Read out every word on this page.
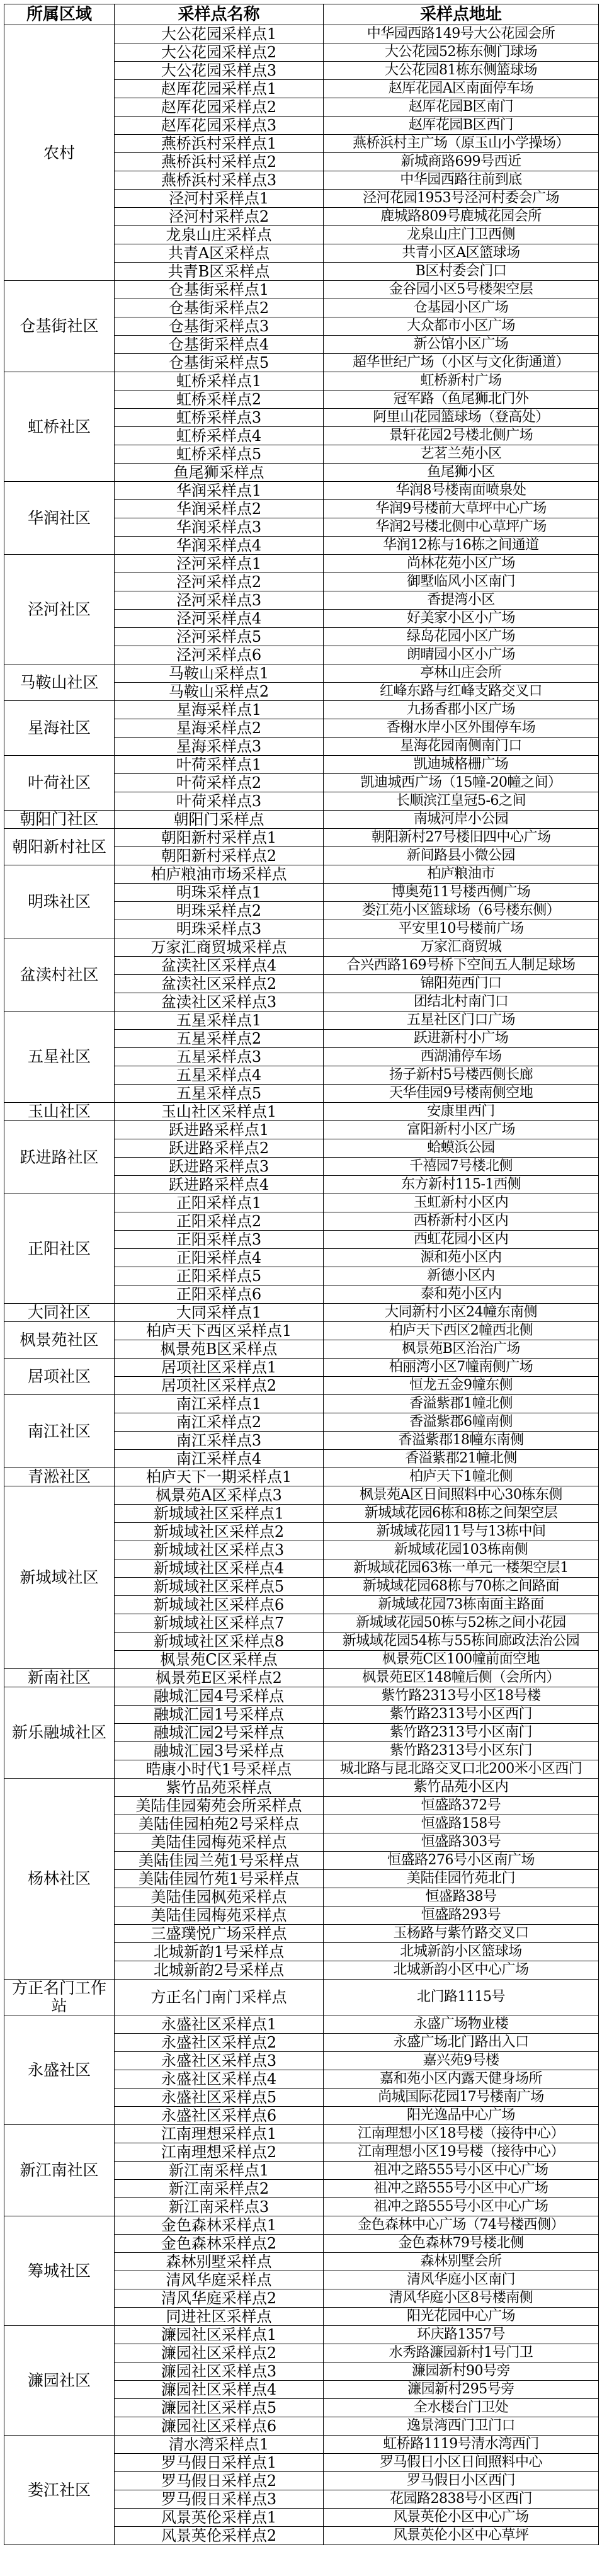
所属区域	采样点名称	采样点地址
农村	大公花园采样点1	中华园西路149号大公花园会所
	大公花园采样点2	大公花园52栋东侧门球场
	大公花园采样点3	大公花园81栋东侧篮球场
	赵厍花园采样点1	赵厍花园A区南面停车场
	赵厍花园采样点2	赵厍花园B区南门
	赵厍花园采样点3	赵厍花园B区西门
	燕桥浜村采样点1	燕桥浜村主广场（原玉山小学操场）
	燕桥浜村采样点2	新城商路699号西近
	燕桥浜村采样点3	中华园西路往前到底
	泾河村采样点1	泾河花园1953号泾河村委会广场
	泾河村采样点2	鹿城路809号鹿城花园会所
	龙泉山庄采样点	龙泉山庄门卫西侧
	共青A区采样点	共青小区A区篮球场
	共青B区采样点	B区村委会门口
仓基街社区	仓基街采样点1	金谷园小区5号楼架空层
	仓基街采样点2	仓基园小区广场
	仓基街采样点3	大众都市小区广场
	仓基街采样点4	新公馆小区广场
	仓基街采样点5	超华世纪广场（小区与文化街通道）
虹桥社区	虹桥采样点1	虹桥新村广场
	虹桥采样点2	冠军路（鱼尾狮北门外
	虹桥采样点3	阿里山花园篮球场（登高处）
	虹桥采样点4	景轩花园2号楼北侧广场
	虹桥采样点5	艺茗兰苑小区
	鱼尾狮采样点	鱼尾狮小区
华润社区	华润采样点1	华润8号楼南面喷泉处
	华润采样点2	华润9号楼前大草坪中心广场
	华润采样点3	华润2号楼北侧中心草坪广场
	华润采样点4	华润12栋与16栋之间通道
泾河社区	泾河采样点1	尚林花苑小区广场
	泾河采样点2	御墅临风小区南门
	泾河采样点3	香提湾小区
	泾河采样点4	好美家小区小广场
	泾河采样点5	绿岛花园小区广场
	泾河采样点6	朗晴园小区小广场
马鞍山社区	马鞍山采样点1	亭林山庄会所
	马鞍山采样点2	红峰东路与红峰支路交叉口
星海社区	星海采样点1	九扬香郡小区广场
	星海采样点2	香榭水岸小区外围停车场
	星海采样点3	星海花园南侧南门口
叶荷社区	叶荷采样点1	凯迪城格栅广场
	叶荷采样点2	凯迪城西广场（15幢-20幢之间）
	叶荷采样点3	长顺滨江皇冠5-6之间
朝阳门社区	朝阳门采样点	南城河岸小公园
朝阳新村社区	朝阳新村采样点1	朝阳新村27号楼旧四中心广场
	朝阳新村采样点2	新间路县小微公园
明珠社区	柏庐粮油市场采样点	柏庐粮油市
	明珠采样点1	博奥苑11号楼西侧广场
	明珠采样点2	娄江苑小区篮球场（6号楼东侧）
	明珠采样点3	平安里10号楼前广场
盆渎村社区	万家汇商贸城采样点	万家汇商贸城
	盆渎社区采样点4	合兴西路169号桥下空间五人制足球场
	盆渎社区采样点2	锦阳苑西门口
	盆渎社区采样点3	团结北村南门口
五星社区	五星采样点1	五星社区门口广场
	五星采样点2	跃进新村小广场
	五星采样点3	西湖浦停车场
	五星采样点4	扬子新村5号楼西侧长廊
	五星采样点5	天华佳园9号楼南侧空地
玉山社区	玉山社区采样点1	安康里西门
跃进路社区	跃进路采样点1	富阳新村小区广场
	跃进路采样点2	蛤蟆浜公园
	跃进路采样点3	千禧园7号楼北侧
	跃进路采样点4	东方新村115-1西侧
正阳社区	正阳采样点1	玉虹新村小区内
	正阳采样点2	西桥新村小区内
	正阳采样点3	西虹花园小区内
	正阳采样点4	源和苑小区内
	正阳采样点5	新德小区内
	正阳采样点6	泰和苑小区内
大同社区	大同采样点1	大同新村小区24幢东南侧
枫景苑社区	柏庐天下西区采样点1	柏庐天下西区2幢西北侧
	枫景苑B区采样点	枫景苑B区治治广场
居项社区	居项社区采样点1	柏丽湾小区7幢南侧广场
	居项社区采样点2	恒龙五金9幢东侧
南江社区	南江采样点1	香溢紫郡1幢北侧
	南江采样点2	香溢紫郡6幢南侧
	南江采样点3	香溢紫郡18幢东南侧
	南江采样点4	香溢紫郡21幢北侧
青淞社区	柏庐天下一期采样点1	柏庐天下1幢北侧
新城域社区	枫景苑A区采样点3	枫景苑A区日间照料中心30栋东侧
	新城域社区采样点1	新城域花园6栋和8栋之间架空层
	新城域社区采样点2	新城域花园11号与13栋中间
	新城域社区采样点3	新城域花园103栋南侧
	新城域社区采样点4	新城域花园63栋一单元一楼架空层1
	新城域社区采样点5	新城域花园68栋与70栋之间路面
	新城域社区采样点6	新城域花园73栋南面主路面
	新城域社区采样点7	新城域花园50栋与52栋之间小花园
	新城域社区采样点8	新城域花园54栋与55栋间廊政法治公园
	枫景苑C区采样点	枫景苑C区100幢前面空地
新南社区	枫景苑E区采样点2	枫景苑E区148幢后侧（会所内）
新乐融城社区	融城汇园4号采样点	紫竹路2313号小区18号楼
	融城汇园1号采样点	紫竹路2313号小区西门
	融城汇园2号采样点	紫竹路2313号小区南门
	融城汇园3号采样点	紫竹路2313号小区东门
	晧康小时代1号采样点	城北路与昆北路交叉口北200米小区西门
杨林社区	紫竹品苑采样点	紫竹品苑小区内
	美陆佳园菊苑会所采样点	恒盛路372号
	美陆佳园柏苑2号采样点	恒盛路158号
	美陆佳园梅苑采样点	恒盛路303号
	美陆佳园兰苑1号采样点	恒盛路276号小区南广场
	美陆佳园竹苑1号采样点	美陆佳园竹苑北门
	美陆佳园枫苑采样点	恒盛路38号
	美陆佳园梅苑采样点	恒盛路293号
	三盛璞悦广场采样点	玉杨路与紫竹路交叉口
	北城新韵1号采样点	北城新韵小区篮球场
	北城新韵2号采样点	北城新韵小区中心广场
方正名门工作站	方正名门南门采样点	北门路1115号
永盛社区	永盛社区采样点1	永盛广场物业楼
	永盛社区采样点2	永盛广场北门路出入口
	永盛社区采样点3	嘉兴苑9号楼
	永盛社区采样点4	嘉和苑小区内露天健身场所
	永盛社区采样点5	尚城国际花园17号楼南广场
	永盛社区采样点6	阳光逸品中心广场
新江南社区	江南理想采样点1	江南理想小区18号楼（接待中心）
	江南理想采样点2	江南理想小区19号楼（接待中心）
	新江南采样点1	祖冲之路555号小区中心广场
	新江南采样点2	祖冲之路555号小区中心广场
	新江南采样点3	祖冲之路555号小区中心广场
筹城社区	金色森林采样点1	金色森林中心广场（74号楼西侧）
	金色森林采样点2	金色森林79号楼北侧
	森林别墅采样点	森林别墅会所
	清风华庭采样点	清风华庭小区南门
	清风华庭采样点2	清风华庭小区8号楼南侧
	同进社区采样点	阳光花园中心广场
濂园社区	濂园社区采样点1	环庆路1357号
	濂园社区采样点2	水秀路濂园新村1号门卫
	濂园社区采样点3	濂园新村90号旁
	濂园社区采样点4	濂园新村295号旁
	濂园社区采样点5	全水楼台门卫处
	濂园社区采样点6	逸景湾西门卫门口
娄江社区	清水湾采样点1	虹桥路1119号清水湾西门
	罗马假日采样点1	罗马假日小区日间照料中心
	罗马假日采样点2	罗马假日小区西门
	罗马假日采样点3	花园路2838号小区西门
	风景英伦采样点1	风景英伦小区中心广场
	风景英伦采样点2	风景英伦小区中心草坪
